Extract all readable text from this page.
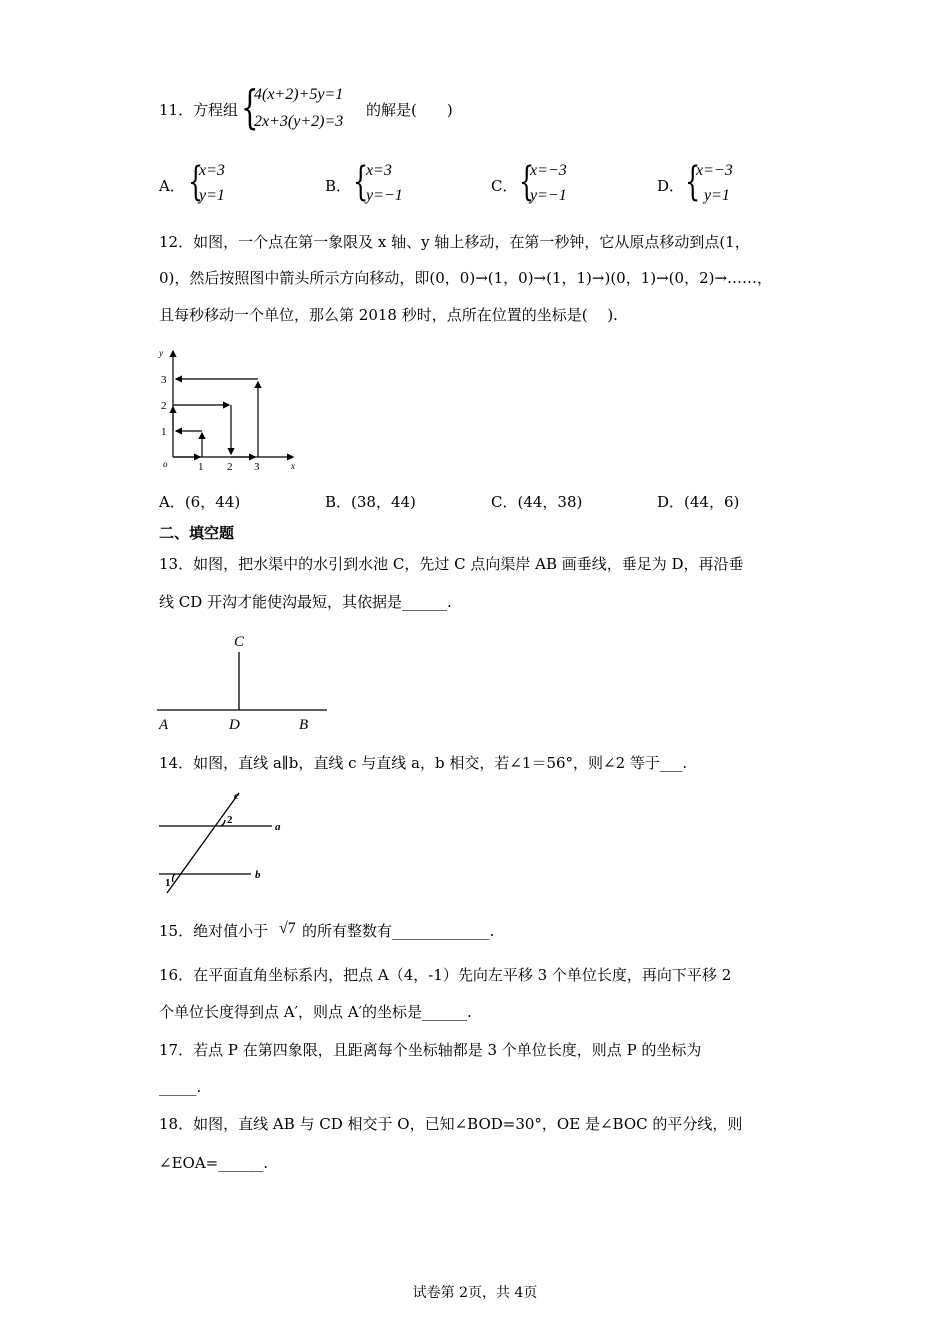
11． 方程组 {
4(x+2)+5y=1
2x+3(y+2)=3
的解是(　　)
A． {
x=3
y=1
B． {
x=3
y=−1
C． {
x=−3
y=−1
D． {
x=−3
y=1
12．如图，一个点在第一象限及 x 轴、y 轴上移动，在第一秒钟，它从原点移动到点(1，
0)，然后按照图中箭头所示方向移动，即(0，0)→(1，0)→(1，1)→)(0，1)→(0，2)→……，
且每秒移动一个单位，那么第 2018 秒时，点所在位置的坐标是(　 ).
y
x
o
1
2
3
1 2 3
A．(6，44)	B．(38，44)	C．(44，38)	D．(44，6)
二、填空题
13．如图，把水渠中的水引到水池 C，先过 C 点向渠岸 AB 画垂线，垂足为 D，再沿垂
线 CD 开沟才能使沟最短，其依据是______.
C
A	D	B
14．如图，直线 a∥b，直线 c 与直线 a，b 相交，若∠1＝56°，则∠2 等于___.
c
a
b
1
2
15．绝对值小于 √7 的所有整数有_____________.
16．在平面直角坐标系内，把点 A（4，-1）先向左平移 3 个单位长度，再向下平移 2
个单位长度得到点 A′，则点 A′的坐标是______.
17．若点 P 在第四象限，且距离每个坐标轴都是 3 个单位长度，则点 P 的坐标为
_____.
18．如图，直线 AB 与 CD 相交于 O，已知∠BOD=30°，OE 是∠BOC 的平分线，则
∠EOA=______.
试卷第 2页，共 4页
